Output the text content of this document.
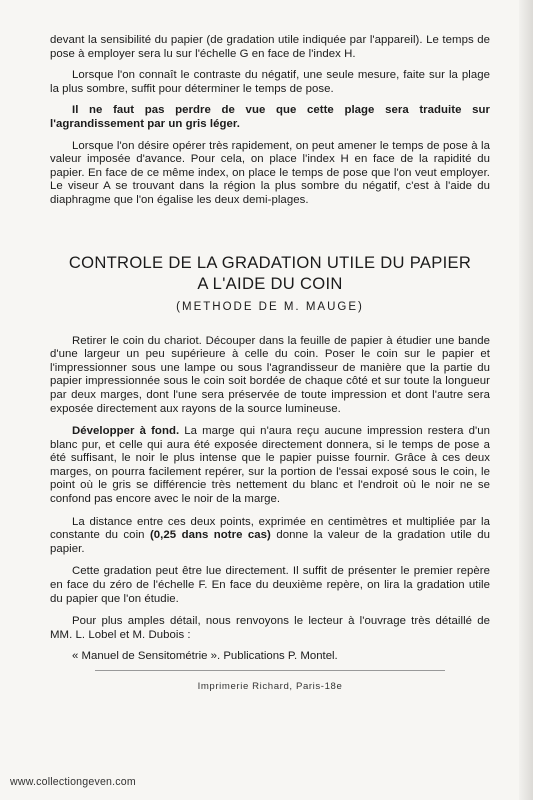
devant la sensibilité du papier (de gradation utile indiquée par l'appareil). Le temps de pose à employer sera lu sur l'échelle G en face de l'index H.

Lorsque l'on connaît le contraste du négatif, une seule mesure, faite sur la plage la plus sombre, suffit pour déterminer le temps de pose.

Il ne faut pas perdre de vue que cette plage sera traduite sur l'agrandissement par un gris léger.

Lorsque l'on désire opérer très rapidement, on peut amener le temps de pose à la valeur imposée d'avance. Pour cela, on place l'index H en face de la rapidité du papier. En face de ce même index, on place le temps de pose que l'on veut employer. Le viseur A se trouvant dans la région la plus sombre du négatif, c'est à l'aide du diaphragme que l'on égalise les deux demi-plages.

CONTROLE DE LA GRADATION UTILE DU PAPIER
A L'AIDE DU COIN
(METHODE DE M. MAUGE)

Retirer le coin du chariot. Découper dans la feuille de papier à étudier une bande d'une largeur un peu supérieure à celle du coin. Poser le coin sur le papier et l'impressionner sous une lampe ou sous l'agrandisseur de manière que la partie du papier impressionnée sous le coin soit bordée de chaque côté et sur toute la longueur par deux marges, dont l'une sera préservée de toute impression et dont l'autre sera exposée directement aux rayons de la source lumineuse.

Développer à fond. La marge qui n'aura reçu aucune impression restera d'un blanc pur, et celle qui aura été exposée directement donnera, si le temps de pose a été suffisant, le noir le plus intense que le papier puisse fournir. Grâce à ces deux marges, on pourra facilement repérer, sur la portion de l'essai exposé sous le coin, le point où le gris se différencie très nettement du blanc et l'endroit où le noir ne se confond pas encore avec le noir de la marge.

La distance entre ces deux points, exprimée en centimètres et multipliée par la constante du coin (0,25 dans notre cas) donne la valeur de la gradation utile du papier.

Cette gradation peut être lue directement. Il suffit de présenter le premier repère en face du zéro de l'échelle F. En face du deuxième repère, on lira la gradation utile du papier que l'on étudie.

Pour plus amples détail, nous renvoyons le lecteur à l'ouvrage très détaillé de MM. L. Lobel et M. Dubois :

« Manuel de Sensitométrie ». Publications P. Montel.
Imprimerie Richard, Paris-18e
www.collectiongeven.com
